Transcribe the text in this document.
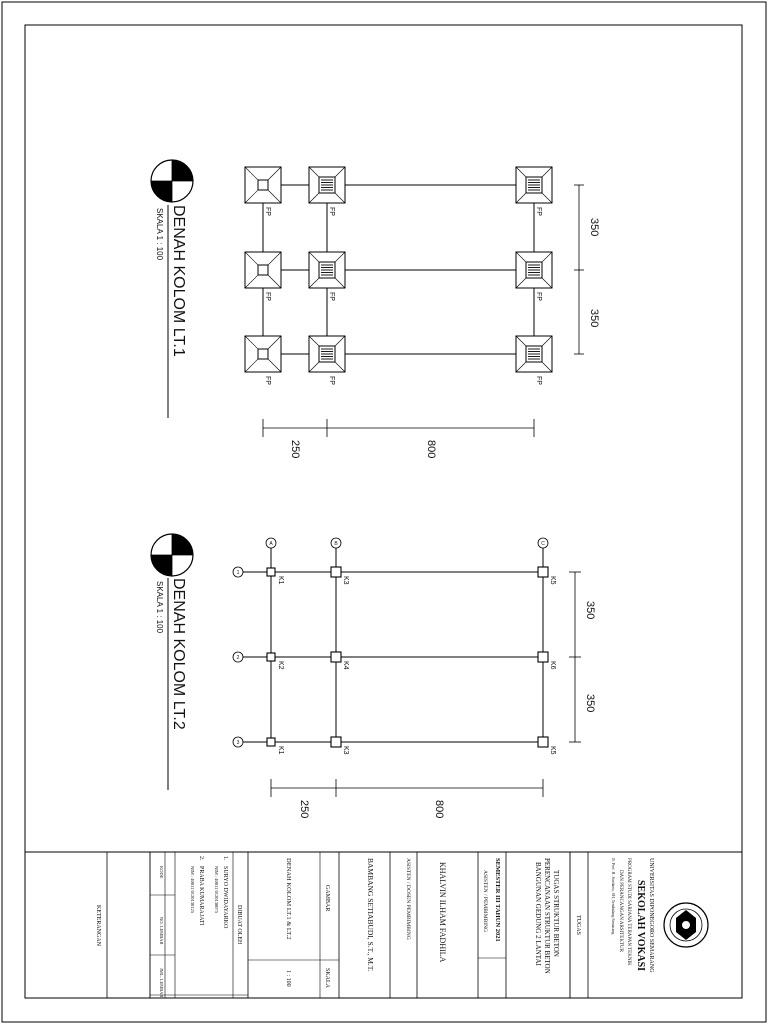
DENAH KOLOM LT.1
SKALA 1 : 100	FP	FP	FP
FP	FP	FP
FP	FP	FP
350
350
250	800
DENAH KOLOM LT.2
SKALA 1 : 100
A	B	C
1
2
3
K1	K3	K5
K2	K4	K6
K1	K3	K5
350
350
250	800
UNIVERSITAS DIPONEGORO SEMARANG
SEKOLAH VOKASI
PROGRAM STUDI SARJANA TERAPAN TEKNIK
DAN PERANCANGAN ARSITEKTUR
Jl. Prof. H. Soedarto, SH, Tembalang Semarang
TUGAS
TUGAS STRUKTUR BETON
PERENCANAAN STRUKTUR BETON
BANGUNAN GEDUNG 2 LANTAI
SEMESTER III TAHUN 2021
ASISTEN / PEMBIMBING
KHALVIN ILHAM FADHILA
ASISTEN / DOSEN PEMBIMBING
BAMBANG SETIABUDI, S.T., M.T.
GAMBAR
SKALA
DENAH KOLOM LT.1 & LT.2
1 : 100
DIBUAT OLEH
1.
SURYO DWIDAYARKO
NIM : 40011 0120130075
2.
PRABA KUMARAJATI
NIM : 40011 0120130125
KODE
NO. LEMBAR
JML. LEMBAR
KETERANGAN
